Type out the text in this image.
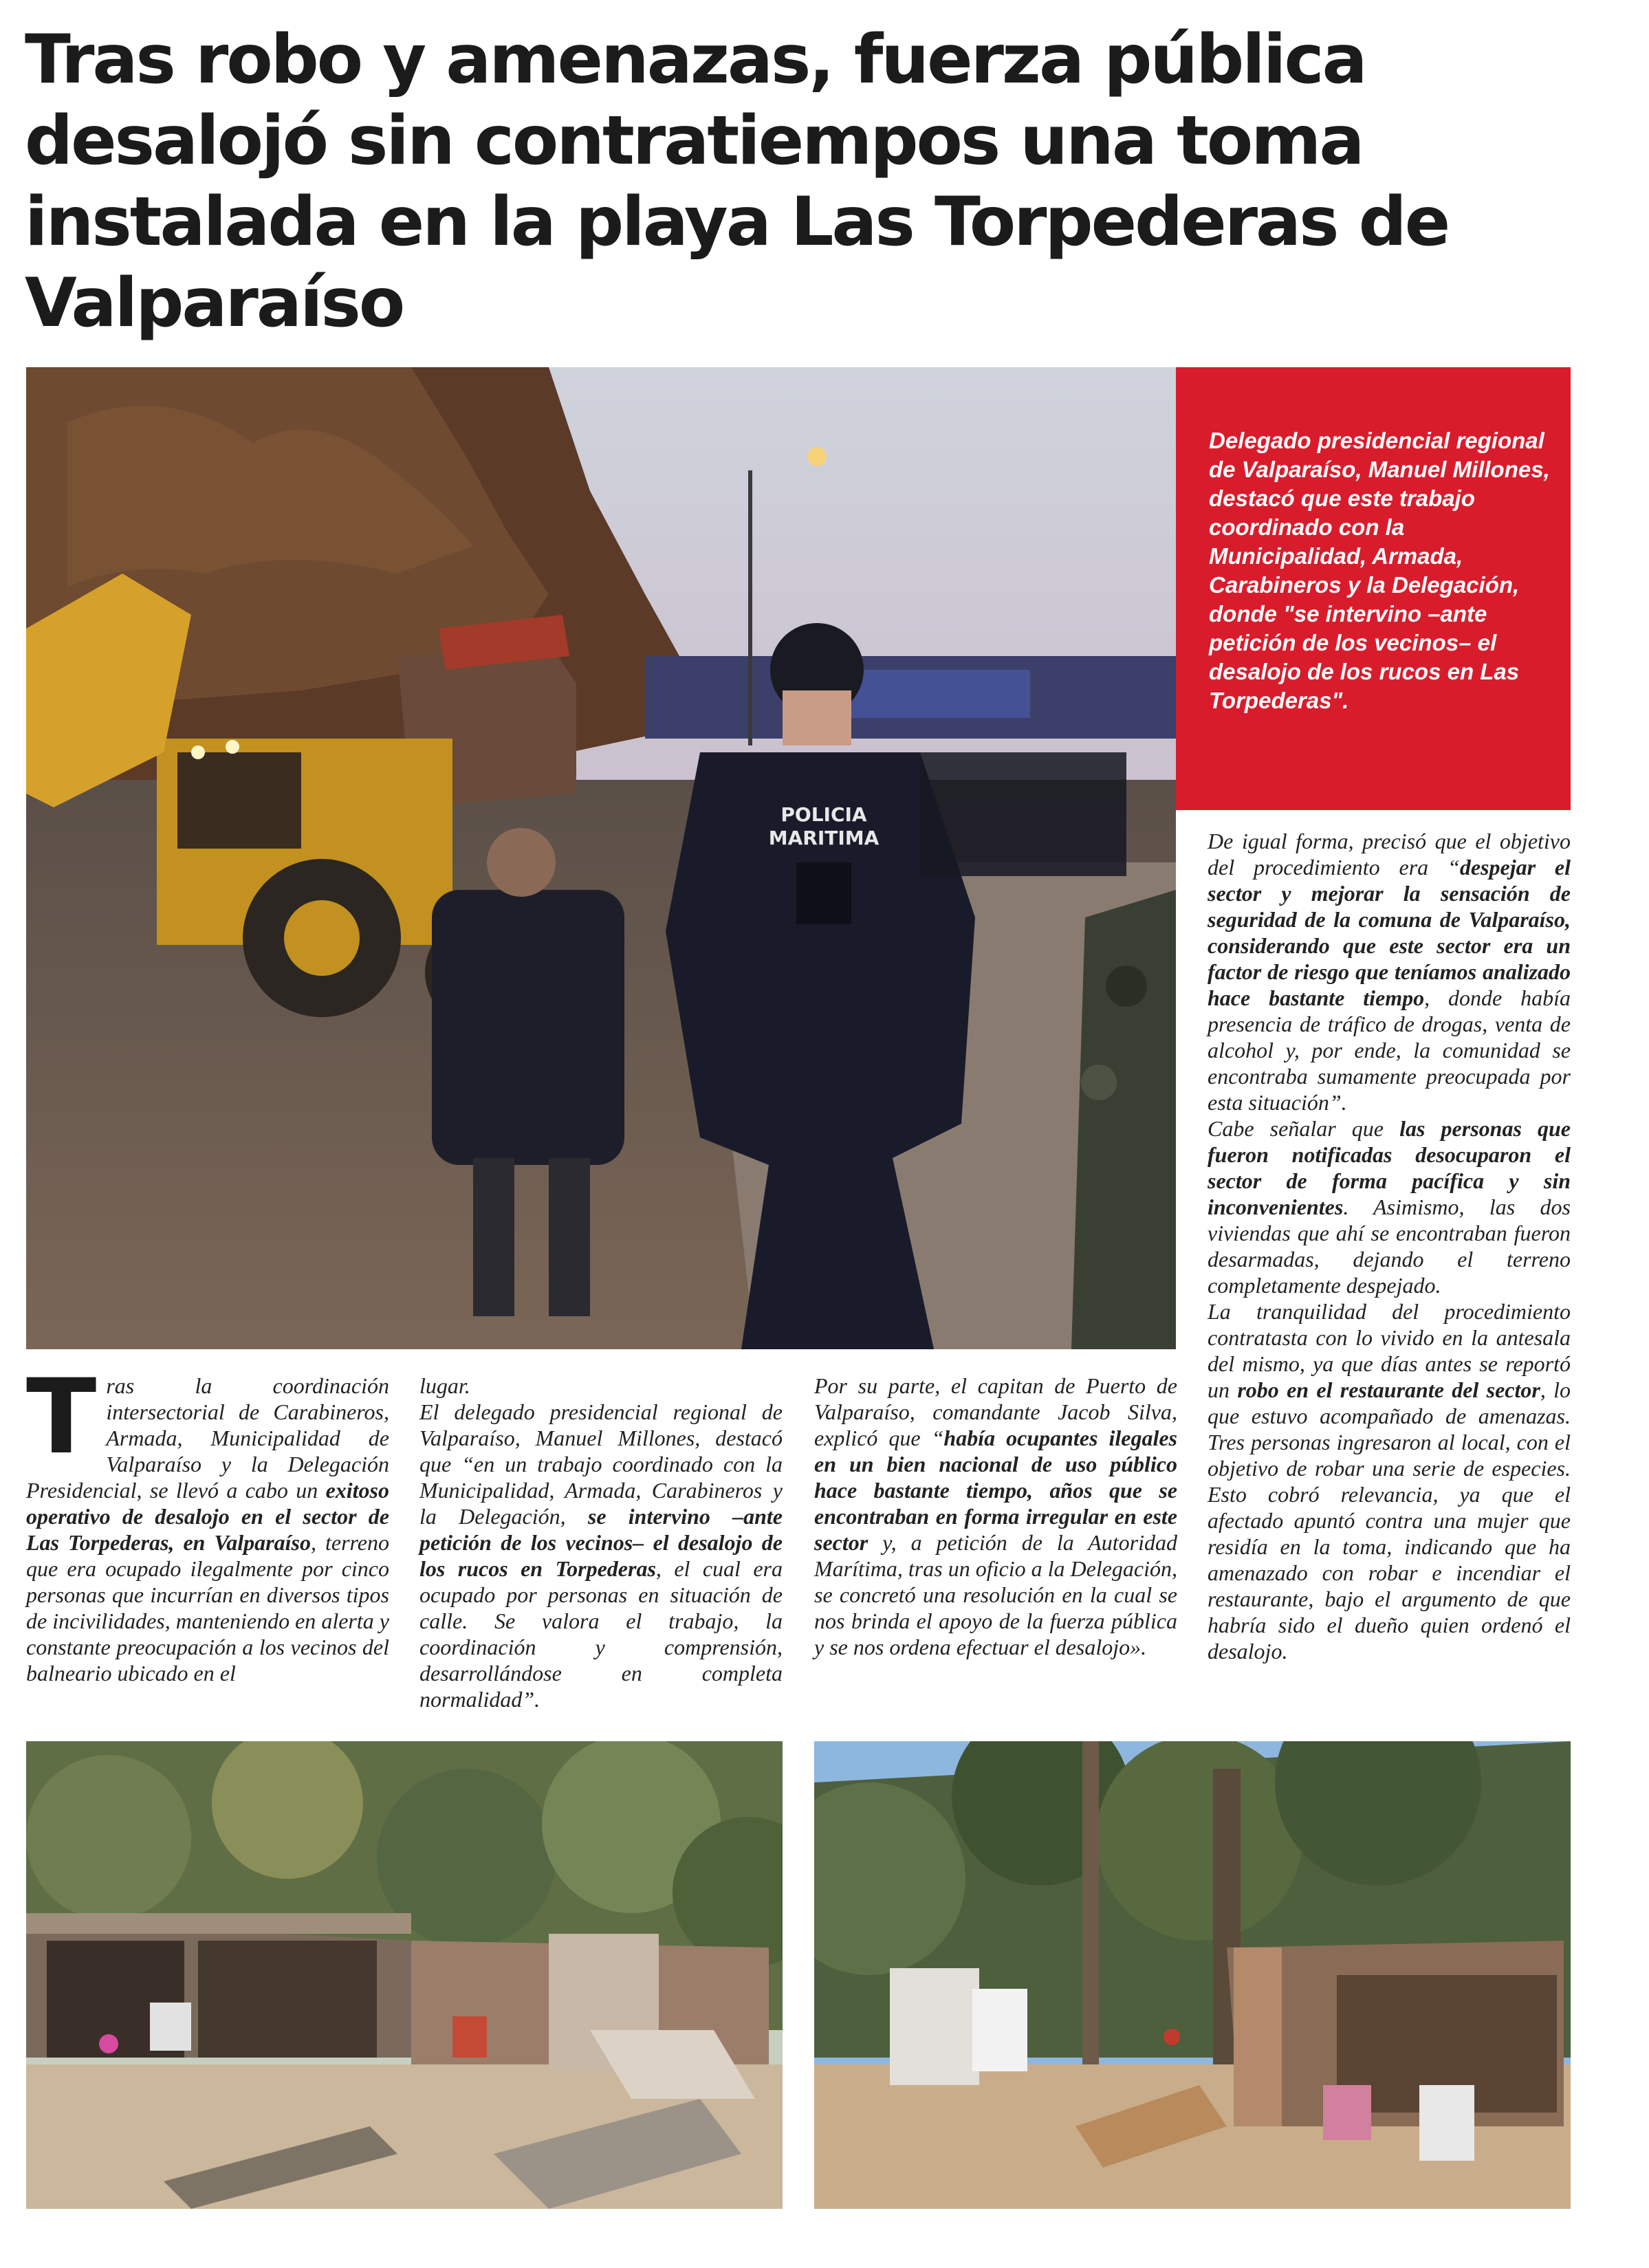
Tras robo y amenazas, fuerza pública
desalojó sin contratiempos una toma
instalada en la playa Las Torpederas de
Valparaíso
POLICIA
MARITIMA

Delegado presidencial regional de Valparaíso, Manuel Millones, destacó que este trabajo coordinado con la Municipalidad, Armada, Carabineros y la Delegación, donde "se intervino –ante petición de los vecinos– el desalojo de los rucos en Las Torpederas".

Tras la coordinación intersectorial de Carabineros, Armada, Municipalidad de Valparaíso y la Delegación Presidencial, se llevó a cabo un exitoso operativo de desalojo en el sector de Las Torpederas, en Valparaíso, terreno que era ocupado ilegalmente por cinco personas que incurrían en diversos tipos de incivilidades, manteniendo en alerta y constante preocupación a los vecinos del balneario ubicado en el

lugar.

El delegado presidencial regional de Valparaíso, Manuel Millones, destacó que “en un trabajo coordinado con la Municipalidad, Armada, Carabineros y la Delegación, se intervino –ante petición de los vecinos– el desalojo de los rucos en Torpederas, el cual era ocupado por personas en situación de calle. Se valora el trabajo, la coordinación y comprensión, desarrollándose en completa normalidad”.

Por su parte, el capitan de Puerto de Valparaíso, comandante Jacob Silva, explicó que “había ocupantes ilegales en un bien nacional de uso público hace bastante tiempo, años que se encontraban en forma irregular en este sector y, a petición de la Autoridad Marítima, tras un oficio a la Delegación, se concretó una resolución en la cual se nos brinda el apoyo de la fuerza pública y se nos ordena efectuar el desalojo».

De igual forma, precisó que el objetivo del procedimiento era “despejar el sector y mejorar la sensación de seguridad de la comuna de Valparaíso, considerando que este sector era un factor de riesgo que teníamos analizado hace bastante tiempo, donde había presencia de tráfico de drogas, venta de alcohol y, por ende, la comunidad se encontraba sumamente preocupada por esta situación”.

Cabe señalar que las personas que fueron notificadas desocuparon el sector de forma pacífica y sin inconvenientes. Asimismo, las dos viviendas que ahí se encontraban fueron desarmadas, dejando el terreno completamente despejado.

La tranquilidad del procedimiento contratasta con lo vivido en la antesala del mismo, ya que días antes se reportó un robo en el restaurante del sector, lo que estuvo acompañado de amenazas. Tres personas ingresaron al local, con el objetivo de robar una serie de especies. Esto cobró relevancia, ya que el afectado apuntó contra una mujer que residía en la toma, indicando que ha amenazado con robar e incendiar el restaurante, bajo el argumento de que habría sido el dueño quien ordenó el desalojo.
